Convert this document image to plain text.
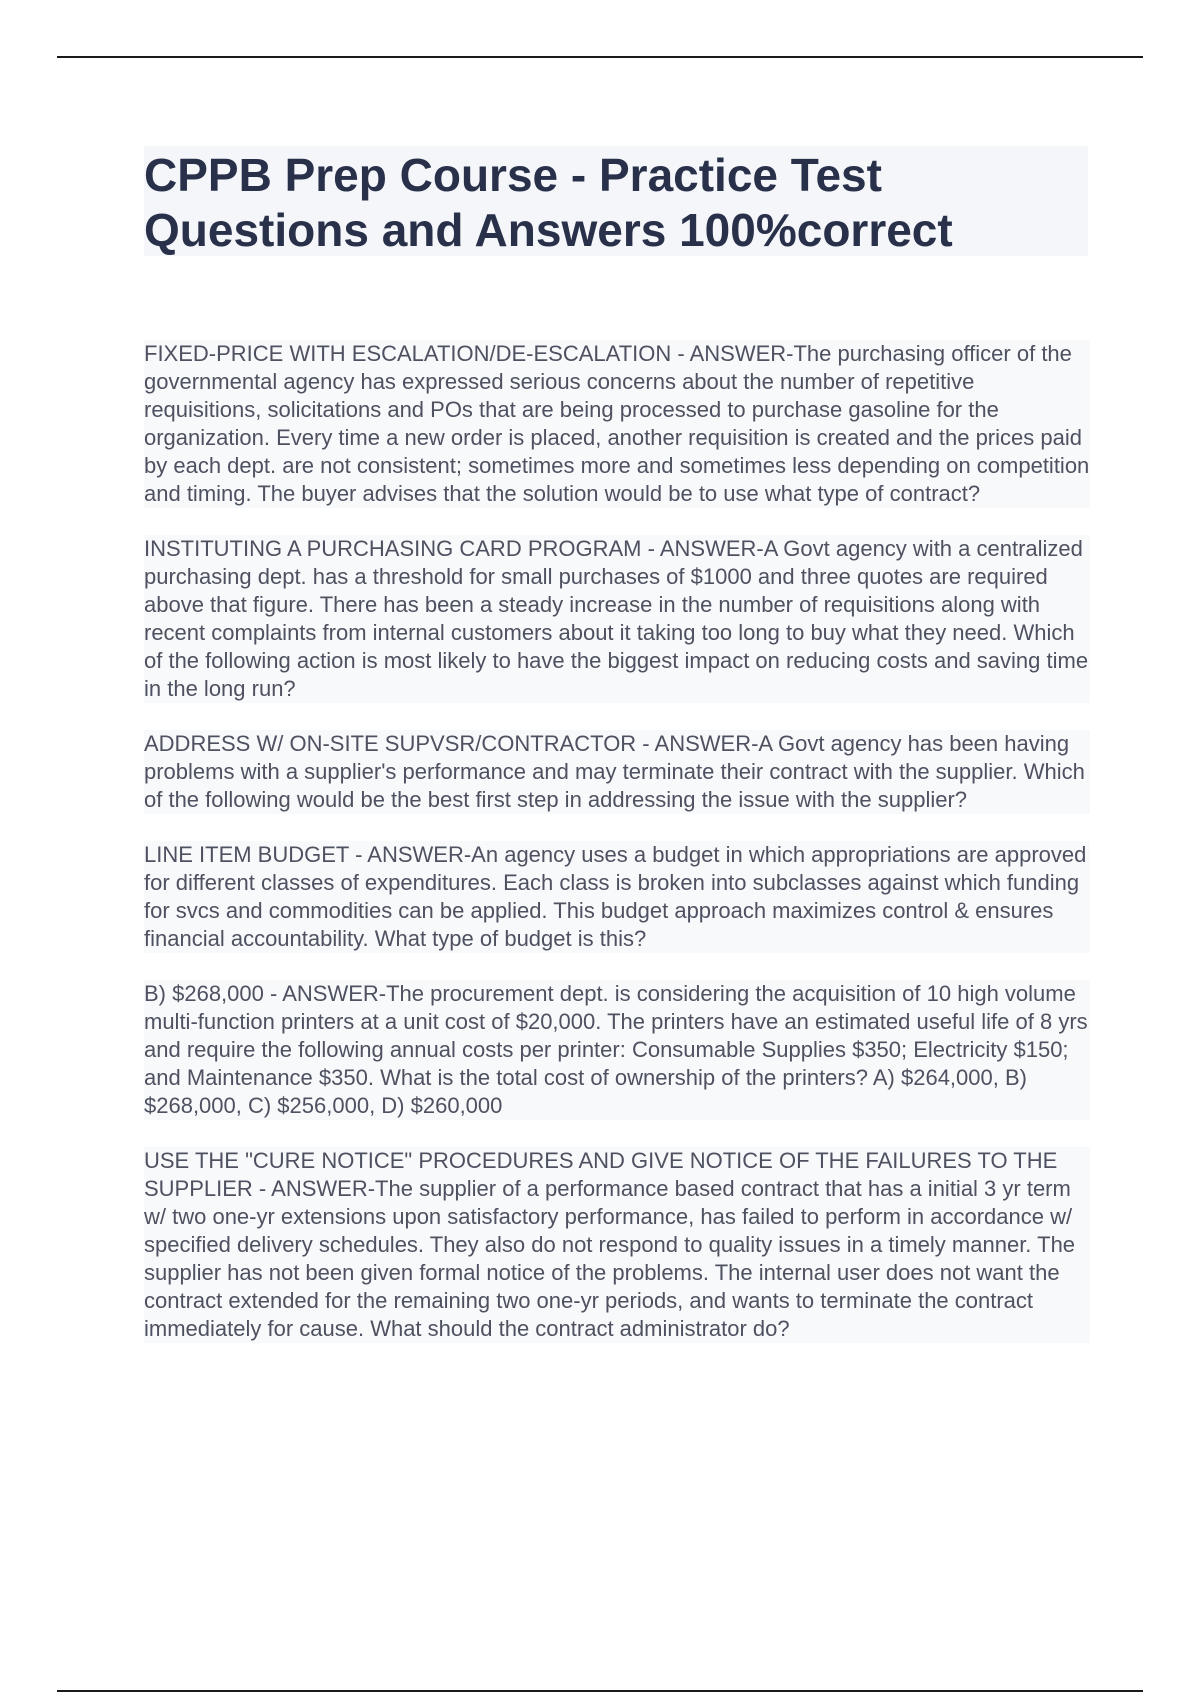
CPPB Prep Course - Practice Test Questions and Answers 100%correct

FIXED-PRICE WITH ESCALATION/DE-ESCALATION - ANSWER-The purchasing officer of the governmental agency has expressed serious concerns about the number of repetitive requisitions, solicitations and POs that are being processed to purchase gasoline for the organization. Every time a new order is placed, another requisition is created and the prices paid by each dept. are not consistent; sometimes more and sometimes less depending on competition and timing. The buyer advises that the solution would be to use what type of contract?

INSTITUTING A PURCHASING CARD PROGRAM - ANSWER-A Govt agency with a centralized purchasing dept. has a threshold for small purchases of $1000 and three quotes are required above that figure. There has been a steady increase in the number of requisitions along with recent complaints from internal customers about it taking too long to buy what they need. Which of the following action is most likely to have the biggest impact on reducing costs and saving time in the long run?

ADDRESS W/ ON-SITE SUPVSR/CONTRACTOR - ANSWER-A Govt agency has been having problems with a supplier's performance and may terminate their contract with the supplier. Which of the following would be the best first step in addressing the issue with the supplier?

LINE ITEM BUDGET - ANSWER-An agency uses a budget in which appropriations are approved for different classes of expenditures. Each class is broken into subclasses against which funding for svcs and commodities can be applied. This budget approach maximizes control & ensures financial accountability. What type of budget is this?

B) $268,000 - ANSWER-The procurement dept. is considering the acquisition of 10 high volume multi-function printers at a unit cost of $20,000. The printers have an estimated useful life of 8 yrs and require the following annual costs per printer: Consumable Supplies $350; Electricity $150; and Maintenance $350. What is the total cost of ownership of the printers? A) $264,000, B) $268,000, C) $256,000, D) $260,000

USE THE "CURE NOTICE" PROCEDURES AND GIVE NOTICE OF THE FAILURES TO THE SUPPLIER - ANSWER-The supplier of a performance based contract that has a initial 3 yr term w/ two one-yr extensions upon satisfactory performance, has failed to perform in accordance w/ specified delivery schedules. They also do not respond to quality issues in a timely manner. The supplier has not been given formal notice of the problems. The internal user does not want the contract extended for the remaining two one-yr periods, and wants to terminate the contract immediately for cause. What should the contract administrator do?
